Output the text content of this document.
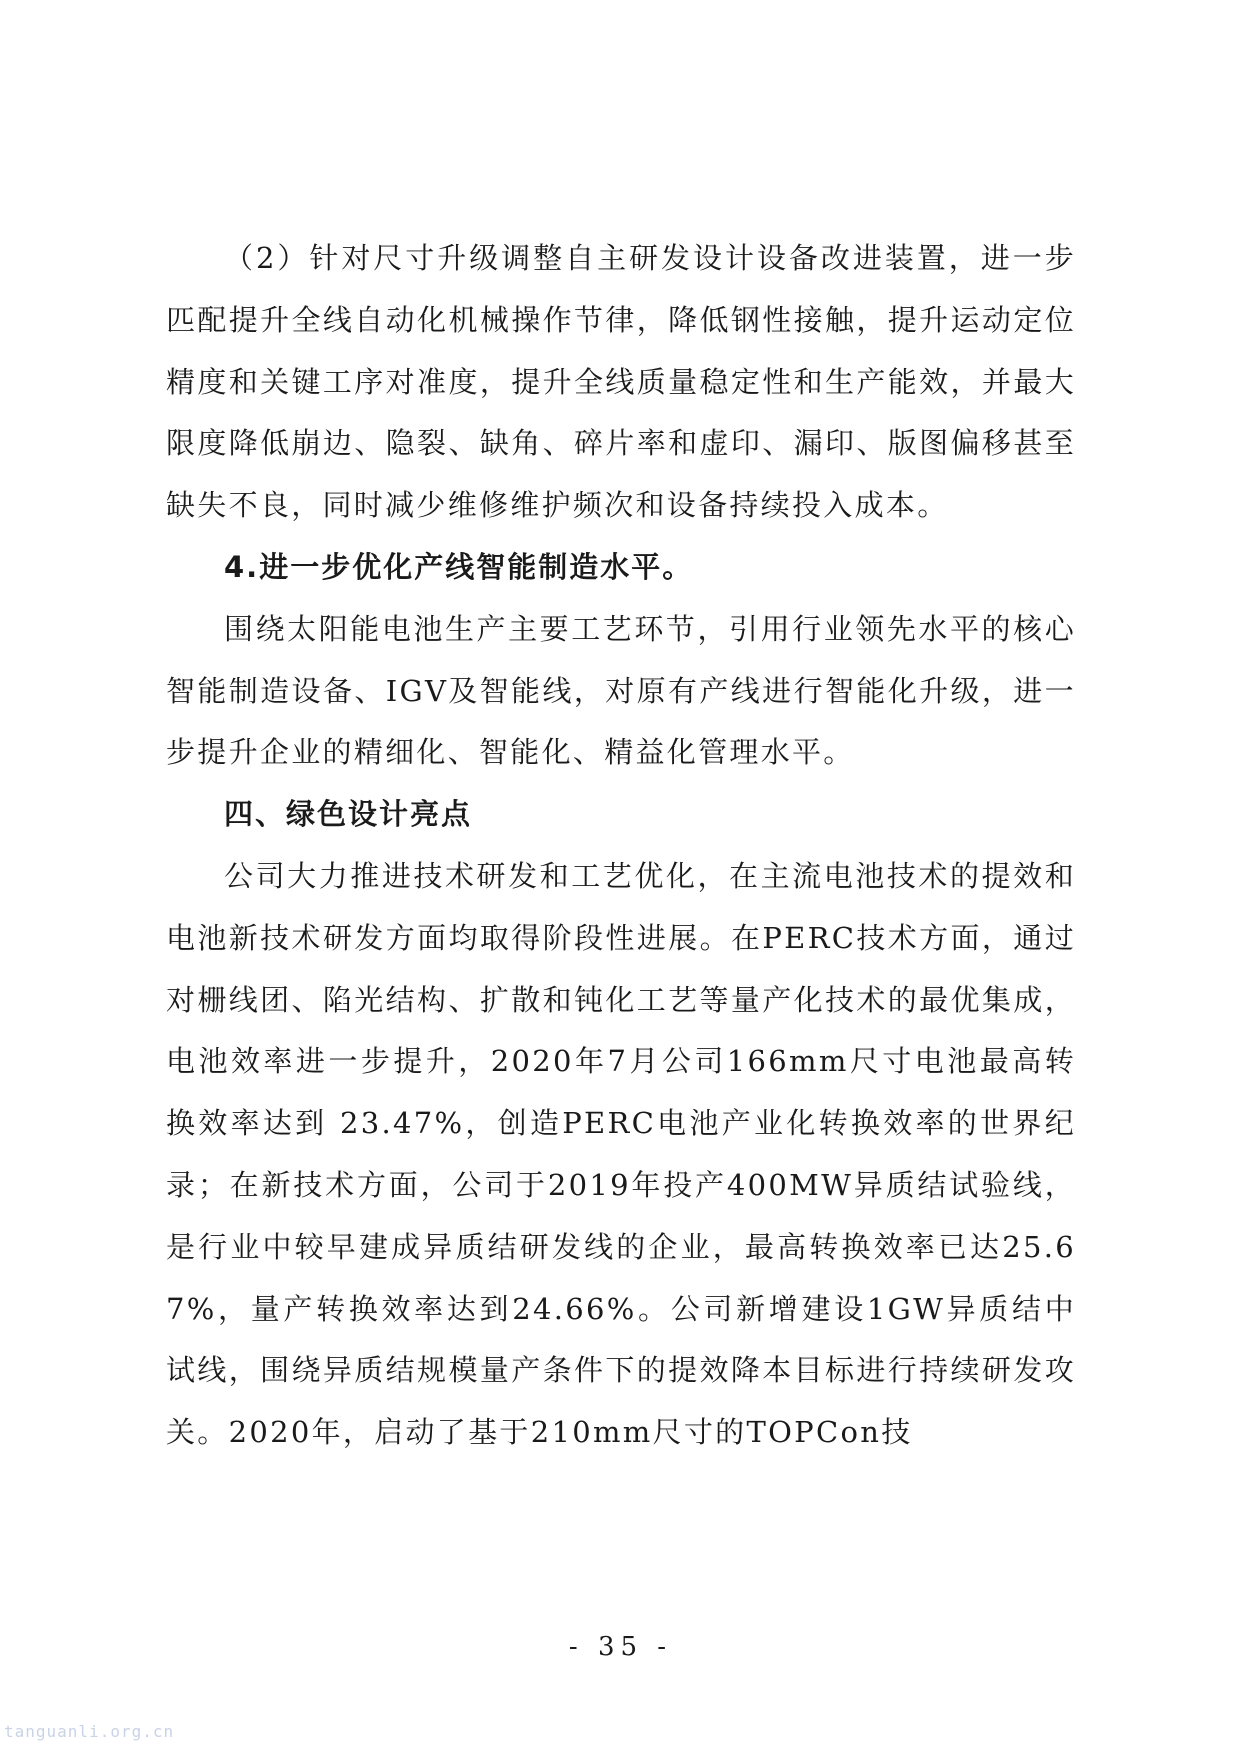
（2）针对尺寸升级调整自主研发设计设备改进装置，进一步匹配提升全线自动化机械操作节律，降低钢性接触，提升运动定位精度和关键工序对准度，提升全线质量稳定性和生产能效，并最大限度降低崩边、隐裂、缺角、碎片率和虚印、漏印、版图偏移甚至缺失不良，同时减少维修维护频次和设备持续投入成本。

4.进一步优化产线智能制造水平。

围绕太阳能电池生产主要工艺环节，引用行业领先水平的核心智能制造设备、IGV及智能线，对原有产线进行智能化升级，进一步提升企业的精细化、智能化、精益化管理水平。

四、绿色设计亮点

公司大力推进技术研发和工艺优化，在主流电池技术的提效和电池新技术研发方面均取得阶段性进展。在PERC技术方面，通过对栅线团、陷光结构、扩散和钝化工艺等量产化技术的最优集成，电池效率进一步提升，2020年7月公司166mm尺寸电池最高转换效率达到 23.47%，创造PERC电池产业化转换效率的世界纪录；在新技术方面，公司于2019年投产400MW异质结试验线，是行业中较早建成异质结研发线的企业，最高转换效率已达25.67%，量产转换效率达到24.66%。公司新增建设1GW异质结中试线，围绕异质结规模量产条件下的提效降本目标进行持续研发攻关。2020年，启动了基于210mm尺寸的TOPCon技

- 35 -
tanguanli.org.cn
